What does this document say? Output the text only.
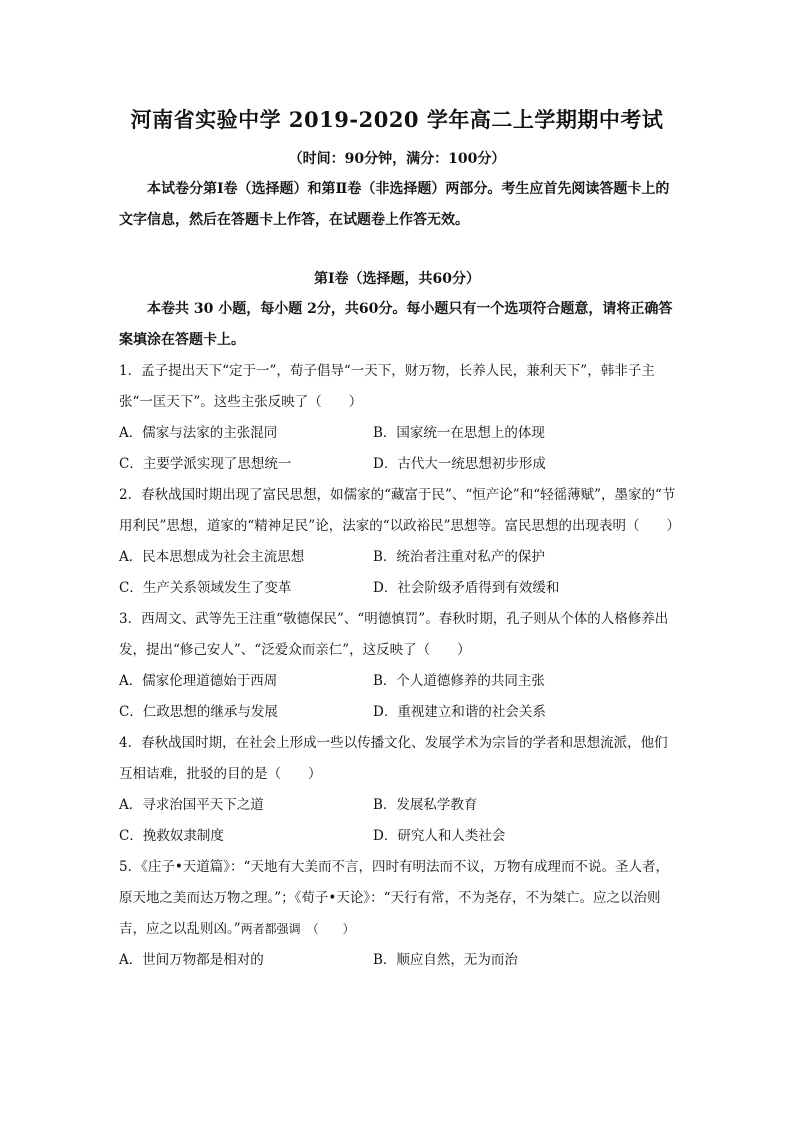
河南省实验中学 2019-2020 学年高二上学期期中考试
（时间：90分钟，满分：100分）
本试卷分第Ⅰ卷（选择题）和第Ⅱ卷（非选择题）两部分。考生应首先阅读答题卡上的文字信息，然后在答题卡上作答，在试题卷上作答无效。
第Ⅰ卷（选择题，共60分）
本卷共 30 小题，每小题 2分，共60分。每小题只有一个选项符合题意，请将正确答案填涂在答题卡上。

1．孟子提出天下“定于一”，荀子倡导“一天下，财万物，长养人民，兼利天下”，韩非子主张“一匡天下”。这些主张反映了（　　）

A．儒家与法家的主张混同	B．国家统一在思想上的体现
C．主要学派实现了思想统一	D．古代大一统思想初步形成

2．春秋战国时期出现了富民思想，如儒家的“藏富于民”、“恒产论”和“轻徭薄赋”，墨家的“节用利民”思想，道家的“精神足民”论，法家的“以政裕民”思想等。富民思想的出现表明（　　）

A．民本思想成为社会主流思想	B．统治者注重对私产的保护
C．生产关系领域发生了变革	D．社会阶级矛盾得到有效缓和

3．西周文、武等先王注重“敬德保民”、“明德慎罚”。春秋时期，孔子则从个体的人格修养出发，提出“修己安人”、“泛爱众而亲仁”，这反映了（　　）

A．儒家伦理道德始于西周	B．个人道德修养的共同主张
C．仁政思想的继承与发展	D．重视建立和谐的社会关系

4．春秋战国时期，在社会上形成一些以传播文化、发展学术为宗旨的学者和思想流派，他们互相诘难，批驳的目的是（　　）

A．寻求治国平天下之道	B．发展私学教育
C．挽救奴隶制度	D．研究人和人类社会

5．《庄子•天道篇》：“天地有大美而不言，四时有明法而不议，万物有成理而不说。圣人者，原天地之美而达万物之理。”；《荀子•天论》：“天行有常，不为尧存，不为桀亡。应之以治则吉，应之以乱则凶。”两者都强调　（　　）

A．世间万物都是相对的	B．顺应自然，无为而治
